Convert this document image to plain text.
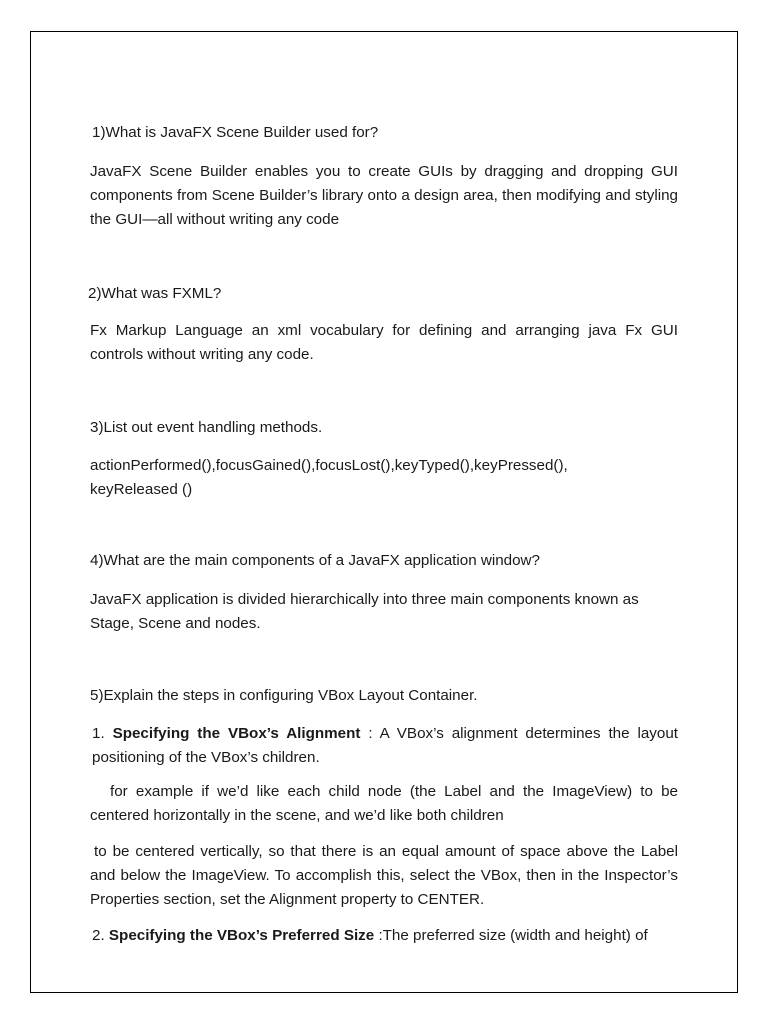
1)What is JavaFX Scene Builder used for?

JavaFX Scene Builder enables you to create GUIs by dragging and dropping GUI components from Scene Builder’s library onto a design area, then modifying and styling the GUI—all without writing any code

2)What was FXML?

Fx Markup Language an xml vocabulary for defining and arranging java Fx GUI controls without writing any code.

3)List out event handling methods.

actionPerformed(),focusGained(),focusLost(),keyTyped(),keyPressed(),

keyReleased ()

4)What are the main components of a JavaFX application window?

JavaFX application is divided hierarchically into three main components known as Stage, Scene and nodes.

5)Explain the steps in configuring VBox Layout Container.

1. Specifying the VBox’s Alignment : A VBox’s alignment determines the layout positioning of the VBox’s children.

for example if we’d like each child node (the Label and the ImageView) to be centered horizontally in the scene, and we’d like both children

to be centered vertically, so that there is an equal amount of space above the Label and below the ImageView. To accomplish this, select the VBox, then in the Inspector’s Properties section, set the Alignment property to CENTER.

2. Specifying the VBox’s Preferred Size :The preferred size (width and height) of
